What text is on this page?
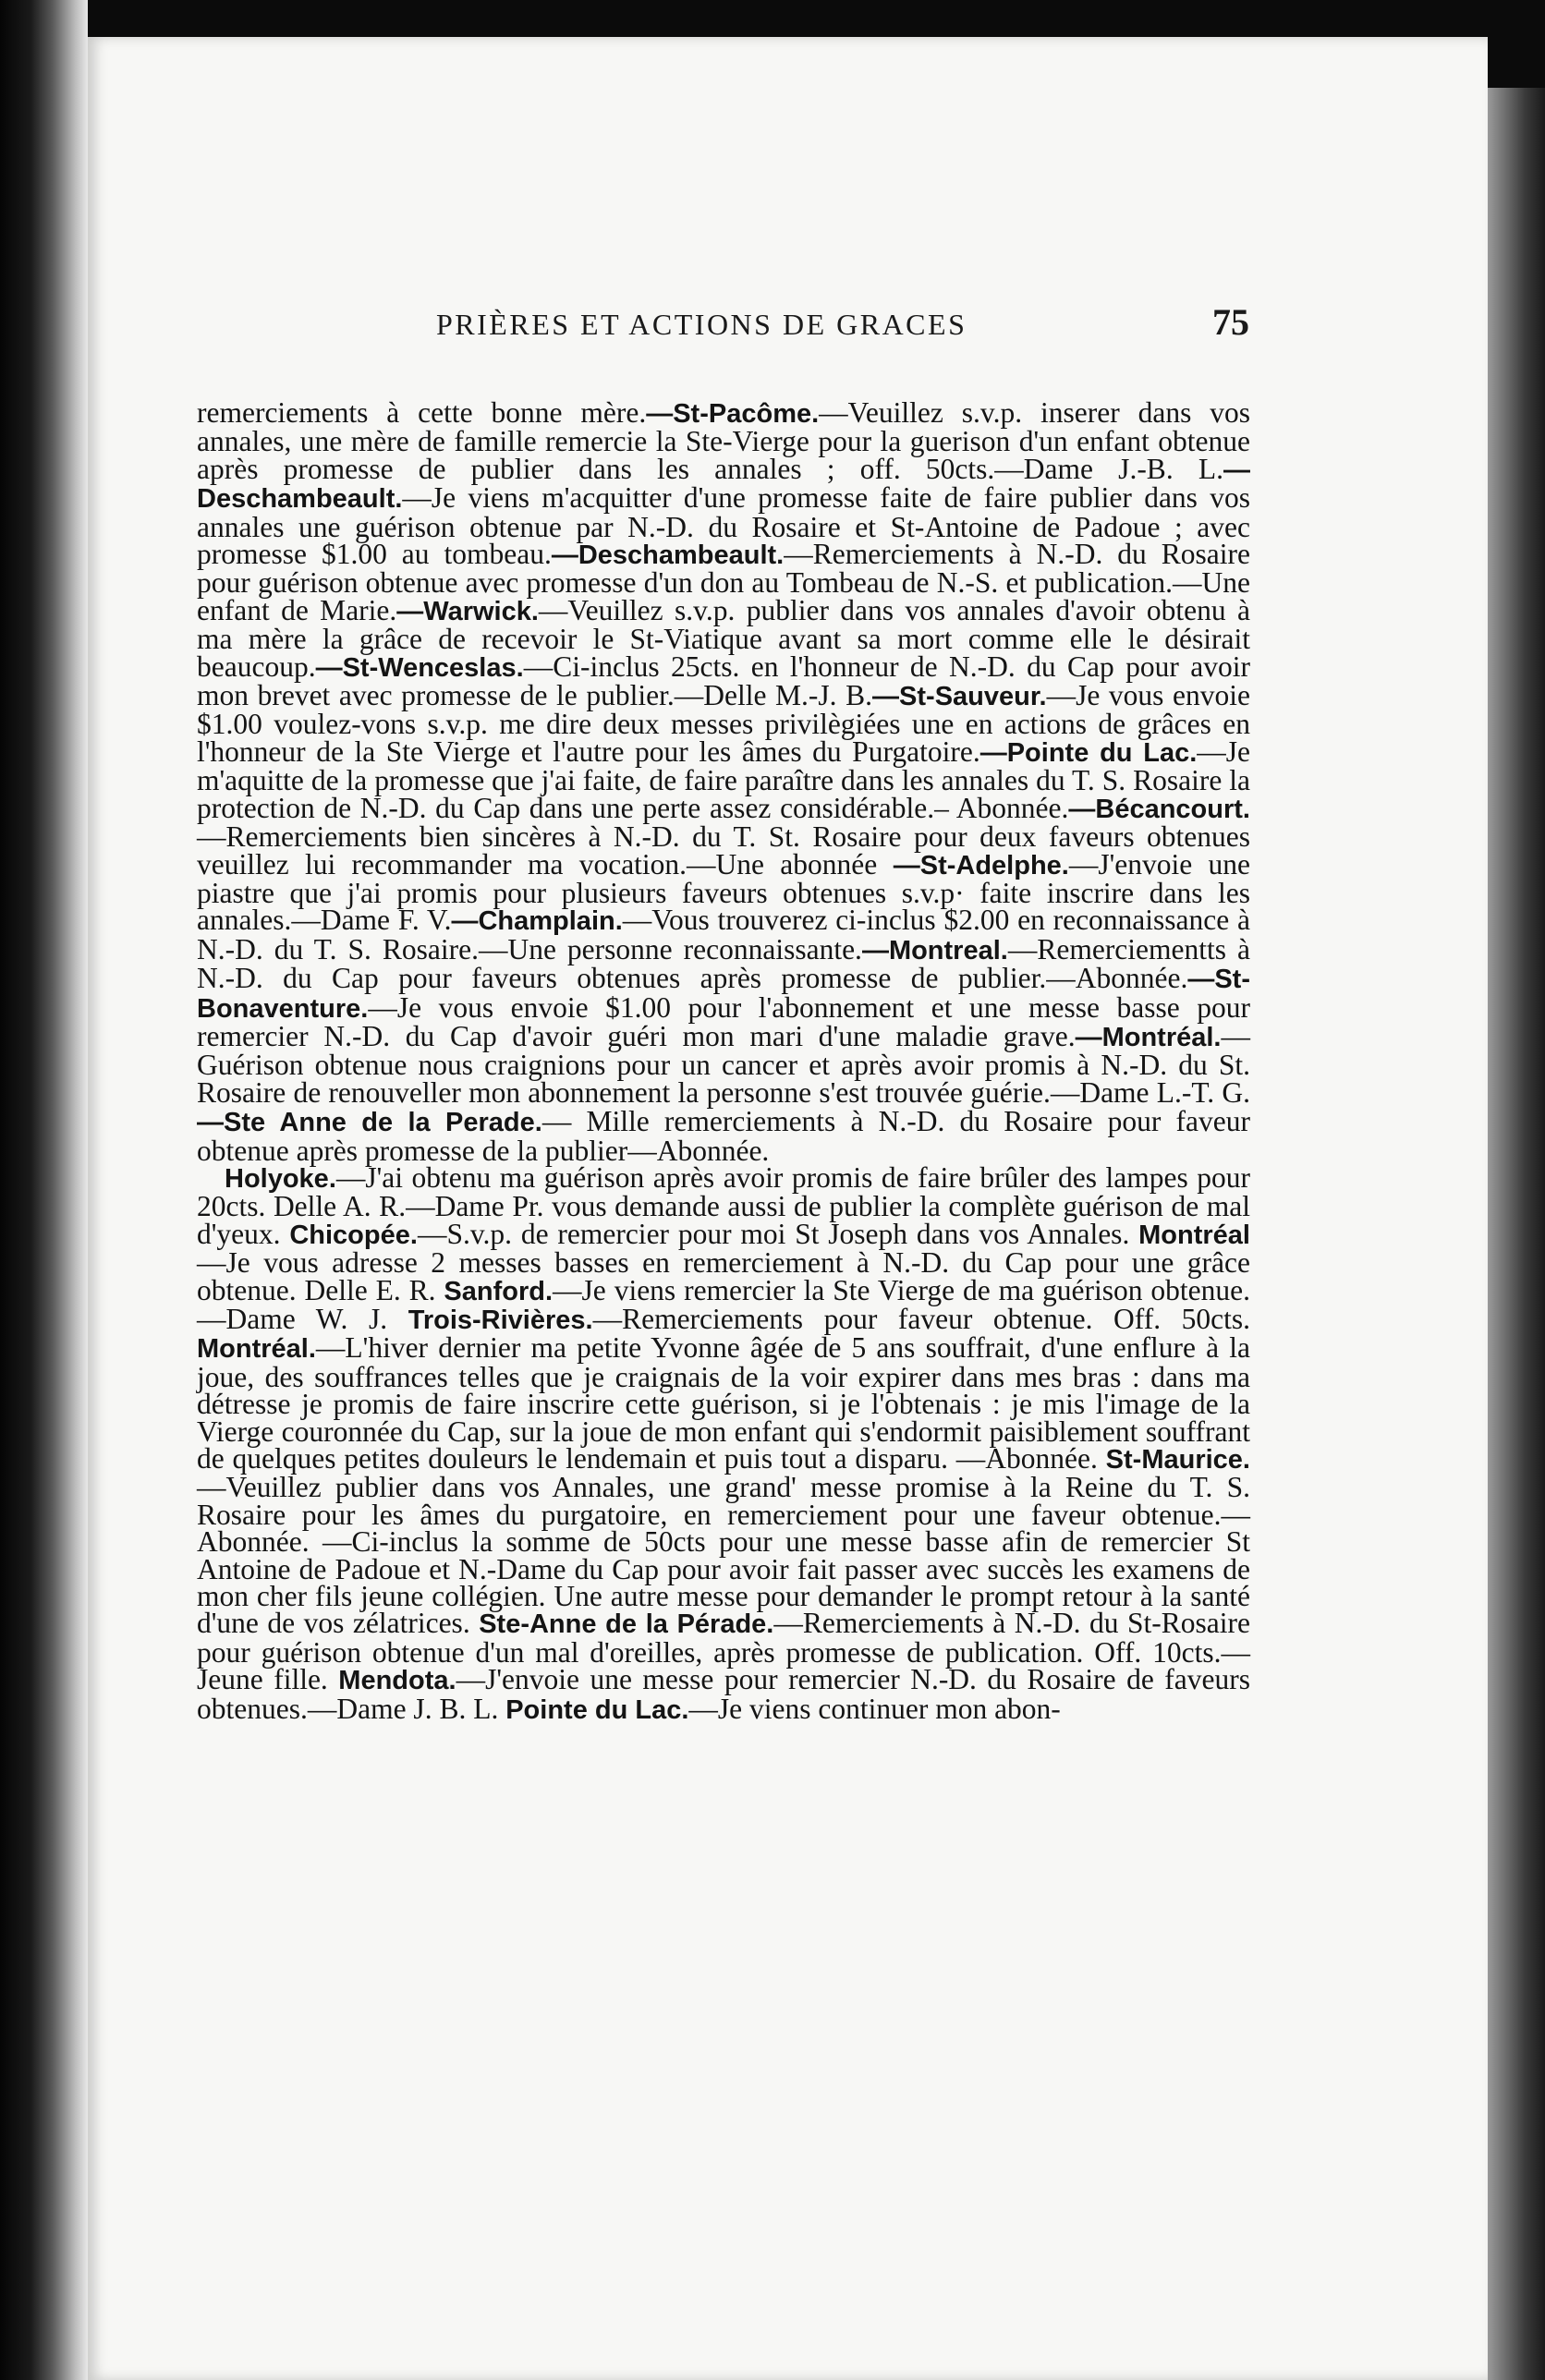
PRIÈRES ET ACTIONS DE GRACES	75

remerciements à cette bonne mère.—St-Pacôme.—Veuillez s.v.p. inserer dans vos annales, une mère de famille remercie la Ste-Vierge pour la guerison d'un enfant obtenue après promesse de publier dans les annales ; off. 50cts.—Dame J.-B. L.—Deschambeault.—Je viens m'acquitter d'une promesse faite de faire publier dans vos annales une guérison obtenue par N.-D. du Rosaire et St-Antoine de Padoue ; avec promesse $1.00 au tombeau.—Deschambeault.—Remerciements à N.-D. du Rosaire pour guérison obtenue avec promesse d'un don au Tombeau de N.-S. et publication.—Une enfant de Marie.—Warwick.—Veuillez s.v.p. publier dans vos annales d'avoir obtenu à ma mère la grâce de recevoir le St-Viatique avant sa mort comme elle le désirait beaucoup.—St-Wenceslas.—Ci-inclus 25cts. en l'honneur de N.-D. du Cap pour avoir mon brevet avec promesse de le publier.—Delle M.-J. B.—St-Sauveur.—Je vous envoie $1.00 voulez-vons s.v.p. me dire deux messes privilègiées une en actions de grâces en l'honneur de la Ste Vierge et l'autre pour les âmes du Purgatoire.—Pointe du Lac.—Je m'aquitte de la promesse que j'ai faite, de faire paraître dans les annales du T. S. Rosaire la protection de N.-D. du Cap dans une perte assez considérable.– Abonnée.—Bécancourt.—Remerciements bien sincères à N.-D. du T. St. Rosaire pour deux faveurs obtenues veuillez lui recommander ma vocation.—Une abonnée —St-Adelphe.—J'envoie une piastre que j'ai promis pour plusieurs faveurs obtenues s.v.p· faite inscrire dans les annales.—Dame F. V.—Champlain.—Vous trouverez ci-inclus $2.00 en reconnaissance à N.-D. du T. S. Rosaire.—Une personne reconnaissante.—Montreal.—Remerciementts à N.-D. du Cap pour faveurs obtenues après promesse de publier.—Abonnée.—St-Bonaventure.—Je vous envoie $1.00 pour l'abonnement et une messe basse pour remercier N.-D. du Cap d'avoir guéri mon mari d'une maladie grave.—Montréal.—Guérison obtenue nous craignions pour un cancer et après avoir promis à N.-D. du St. Rosaire de renouveller mon abonnement la personne s'est trouvée guérie.—Dame L.-T. G. —Ste Anne de la Perade.— Mille remerciements à N.-D. du Rosaire pour faveur obtenue après promesse de la publier—Abonnée.

Holyoke.—J'ai obtenu ma guérison après avoir promis de faire brûler des lampes pour 20cts. Delle A. R.—Dame Pr. vous demande aussi de publier la complète guérison de mal d'yeux. Chicopée.—S.v.p. de remercier pour moi St Joseph dans vos Annales. Montréal—Je vous adresse 2 messes basses en remerciement à N.-D. du Cap pour une grâce obtenue. Delle E. R. Sanford.—Je viens remercier la Ste Vierge de ma guérison obtenue.—Dame W. J. Trois-Rivières.—Remerciements pour faveur obtenue. Off. 50cts. Montréal.—L'hiver dernier ma petite Yvonne âgée de 5 ans souffrait, d'une enflure à la joue, des souffrances telles que je craignais de la voir expirer dans mes bras : dans ma détresse je promis de faire inscrire cette guérison, si je l'obtenais : je mis l'image de la Vierge couronnée du Cap, sur la joue de mon enfant qui s'endormit paisiblement souffrant de quelques petites douleurs le lendemain et puis tout a disparu. —Abonnée. St-Maurice.—Veuillez publier dans vos Annales, une grand' messe promise à la Reine du T. S. Rosaire pour les âmes du purgatoire, en remerciement pour une faveur obtenue.—Abonnée. —Ci-inclus la somme de 50cts pour une messe basse afin de remercier St Antoine de Padoue et N.-Dame du Cap pour avoir fait passer avec succès les examens de mon cher fils jeune collégien. Une autre messe pour demander le prompt retour à la santé d'une de vos zélatrices. Ste-Anne de la Pérade.—Remerciements à N.-D. du St-Rosaire pour guérison obtenue d'un mal d'oreilles, après promesse de publication. Off. 10cts.—Jeune fille. Mendota.—J'envoie une messe pour remercier N.-D. du Rosaire de faveurs obtenues.—Dame J. B. L. Pointe du Lac.—Je viens continuer mon abon-
